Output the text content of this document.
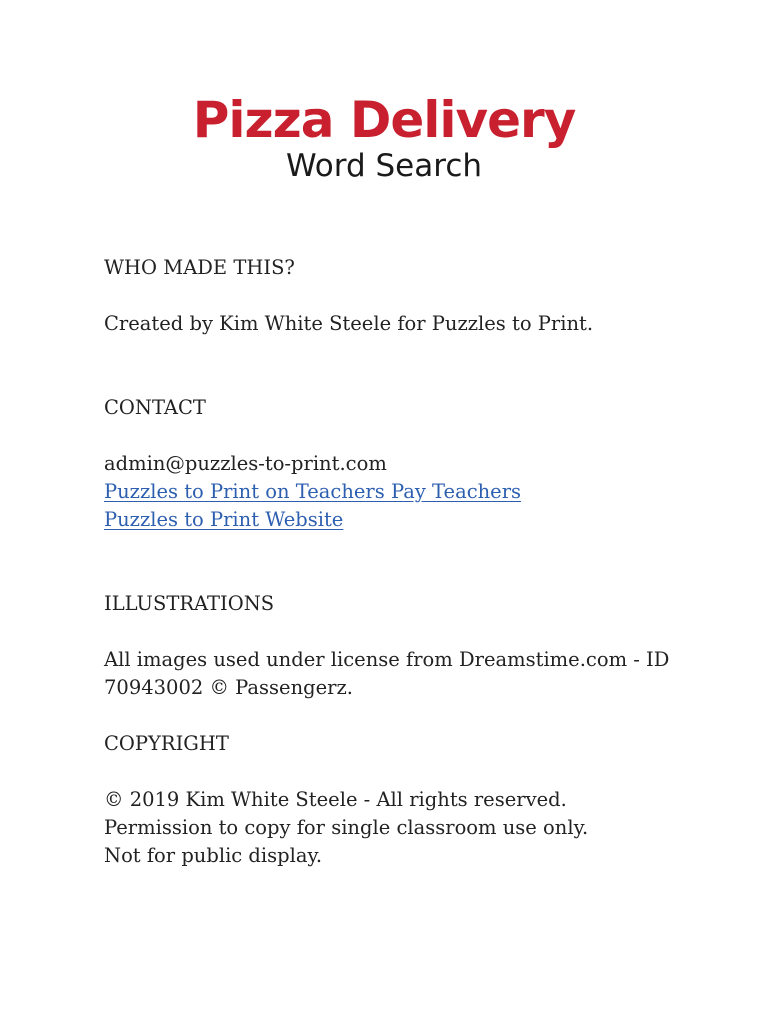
Pizza Delivery
Word Search
WHO MADE THIS?
Created by Kim White Steele for Puzzles to Print.
CONTACT
admin@puzzles-to-print.com
Puzzles to Print on Teachers Pay Teachers
Puzzles to Print Website
ILLUSTRATIONS
All images used under license from Dreamstime.com - ID
70943002 © Passengerz.
COPYRIGHT
© 2019 Kim White Steele - All rights reserved.
Permission to copy for single classroom use only.
Not for public display.
